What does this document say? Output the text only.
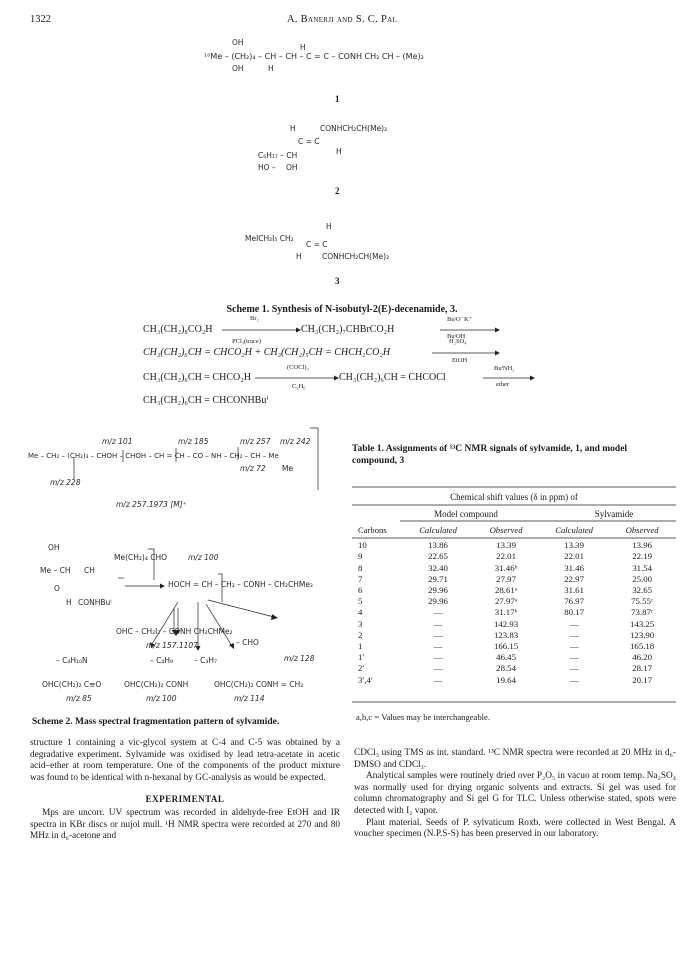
1322	A. Banerji and S. C. Pal
OH
¹⁰Me – (CH₂)₄ – CH – CH – C = C – CONH CH₂ CH – (Me)₂
OH	H
H
1
H	CONHCH₂CH(Me)₂
C = C
H
C₆H₁₇ – CH
HO – OH
2
H
MeICH₂I₅ CH₂
C = C
H	CONHCH₂CH(Me)₂
3
Scheme 1. Synthesis of N-isobutyl-2(E)-decenamide, 3.
CH₃(CH₂)₈CO₂H
Br₂
PCl₃(trace)
CH₃(CH₂)₇CHBrCO₂H
BuᵗO⁻K⁺
BuᵗOH
CH₃(CH₂)₆CH = CHCO₂H + CH₃(CH₂)₅CH = CHCH₂CO₂H
H₂SO₄
EtOH
CH₃(CH₂)₆CH = CHCO₂H
(COCl)₂
C₆H₆
CH₃(CH₂)₆CH = CHCOCl
BuⁱNH₂
ether
CH₃(CH₂)₆CH = CHCONHBuⁱ
m/z 101	m/z 185	m/z 257 m/z 242
Me – CH₂ – (CH₂)₃ – CHOH – CHOH – CH = CH – CO – NH – CH₂ – CH – Me
m/z 72 Me
m/z 228
m/z 257.1973 [M]⁺
Me(CH₂)₄ CHO	m/z 100
OH
Me – CH CH
O
H CONHBuⁱ
HOCH = CH – CH₂ – CONH – CH₂CHMe₂
OHC – CH₂I₂ – CONH CH₂CHMe₂
m/z 157.1107	– CHO
m/z 128
– C₄H₁₀N	– C₄H₉	– C₃H₇
OHC(CH₂)₂ C≡O	OHC(CH₂)₂ CONH	OHC(CH₂)₂ CONH = CH₂
m/z 85	m/z 100	m/z 114
Scheme 2. Mass spectral fragmentation pattern of sylvamide.
Table 1. Assignments of ¹³C NMR signals of sylvamide, 1, and model compound, 3
Chemical shift values (δ in ppm) of
Model compound	Sylvamide
Carbons	Calculated	Observed	Calculated	Observed

10	13.86	13.39	13.39	13.96
9	22.65	22.01	22.01	22.19
8	32.40	31.46ᵇ	31.46	31.54
7	29.71	27.97	22.97	25.00
6	29.96	28.61ᵃ	31.61	32.65
5	29.96	27.97ᵃ	76.97	75.55ᶜ
4	—	31.17ᵇ	80.17	73.87ᶜ
3	—	142.93	—	143.25
2	—	123.83	—	123.90
1	—	166.15	—	165.18
1′	—	46.45	—	46.20
2′	—	28.54	—	28.17
3′,4′	—	19.64	—	20.17
a,b,c = Values may be interchangeable.

structure 1 containing a vic-glycol system at C-4 and C-5 was obtained by a degradative experiment. Sylvamide was oxidised by lead tetra-acetate in acetic acid–ether at room temperature. One of the components of the product mixture was found to be identical with n-hexanal by GC-analysis as would be expected.

EXPERIMENTAL

Mps are uncorr. UV spectrum was recorded in aldehyde-free EtOH and IR spectra in KBr discs or nujol mull. ¹H NMR spectra were recorded at 270 and 80 MHz in d₆-acetone and

CDCl₃ using TMS as int. standard. ¹³C NMR spectra were recorded at 20 MHz in d₆-DMSO and CDCl₃.

Analytical samples were routinely dried over P₂O₅ in vacuo at room temp. Na₂SO₄ was normally used for drying organic solvents and extracts. Si gel was used for column chromatography and Si gel G for TLC. Unless otherwise stated, spots were detected with I₂ vapor.

Plant material. Seeds of P. sylvaticum Roxb. were collected in West Bengal. A voucher specimen (N.P.S-S) has been preserved in our laboratory.
